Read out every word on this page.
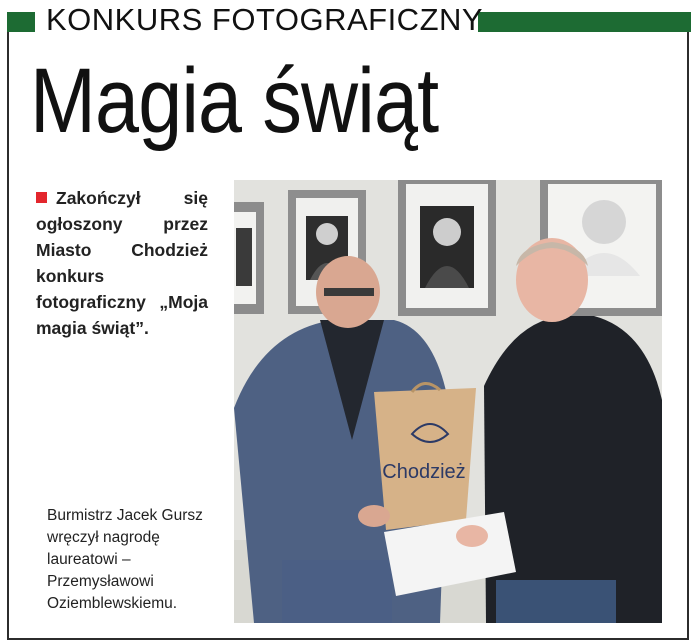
KONKURS FOTOGRAFICZNY
Magia świąt
Zakończył się ogłoszony przez Miasto Chodzież konkurs fotograficzny „Moja magia świąt”.
Burmistrz Jacek Gursz wręczył nagrodę laureatowi – Przemysławowi Oziemblewskiemu.
Chodzież
